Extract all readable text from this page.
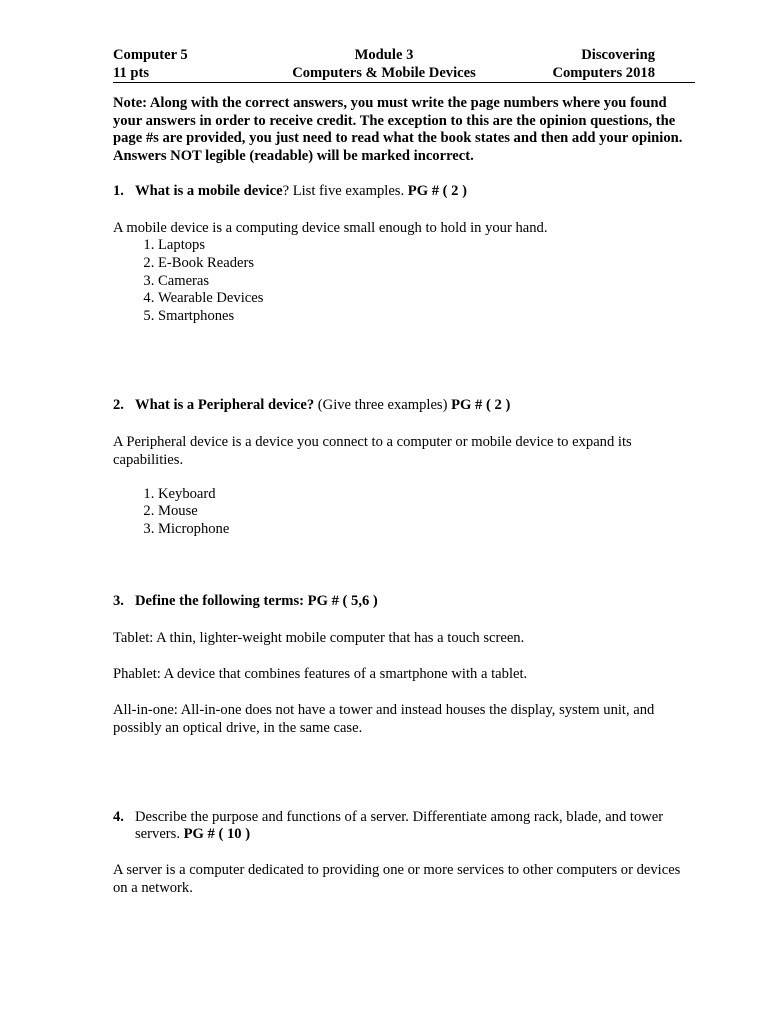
Computer 5
11 pts
Module 3
Computers & Mobile Devices
Discovering
Computers 2018
Note: Along with the correct answers, you must write the page numbers where you found your answers in order to receive credit. The exception to this are the opinion questions, the page #s are provided, you just need to read what the book states and then add your opinion. Answers NOT legible (readable) will be marked incorrect.
1. What is a mobile device? List five examples. PG # ( 2 )
A mobile device is a computing device small enough to hold in your hand.
1. Laptops
2. E-Book Readers
3. Cameras
4. Wearable Devices
5. Smartphones
2. What is a Peripheral device? (Give three examples) PG # ( 2 )
A Peripheral device is a device you connect to a computer or mobile device to expand its capabilities.
1. Keyboard
2. Mouse
3. Microphone
3. Define the following terms: PG # ( 5,6 )
Tablet: A thin, lighter-weight mobile computer that has a touch screen.
Phablet: A device that combines features of a smartphone with a tablet.
All-in-one: All-in-one does not have a tower and instead houses the display, system unit, and possibly an optical drive, in the same case.
4. Describe the purpose and functions of a server. Differentiate among rack, blade, and tower servers. PG # ( 10 )
A server is a computer dedicated to providing one or more services to other computers or devices on a network.
